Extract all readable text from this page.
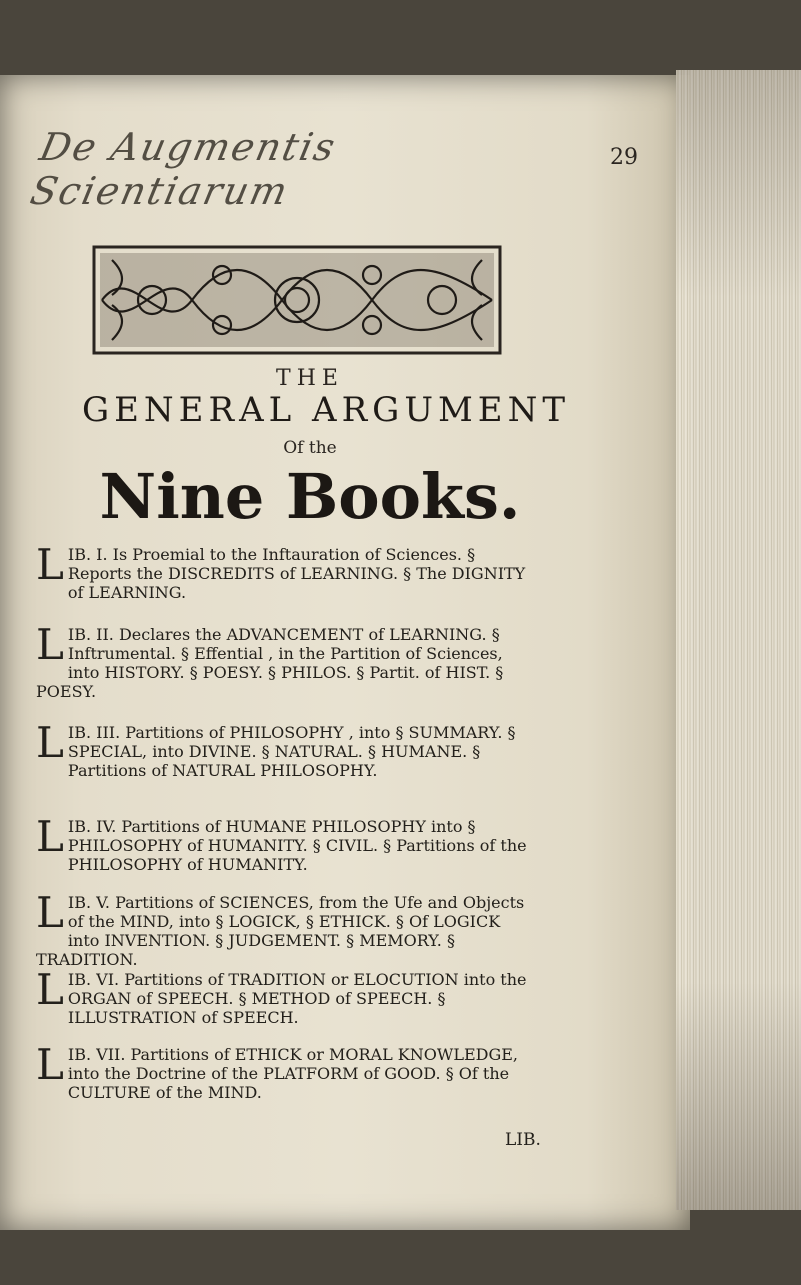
De Augmentis Scientiarum
29
THE
GENERAL ARGUMENT
Of the
Nine Books.
LIB. I. Is Proemial to the Inftauration of Sciences. § Reports the DISCREDITS of LEARNING. § The DIGNITY of LEARNING.
LIB. II. Declares the ADVANCEMENT of LEARNING. § Inftrumental. § Effential , in the Partition of Sciences, into HISTORY. § POESY. § PHILOS. § Partit. of HIST. § POESY.
LIB. III. Partitions of PHILOSOPHY , into § SUMMARY. § SPECIAL, into DIVINE. § NATURAL. § HUMANE. § Partitions of NATURAL PHILOSOPHY.
LIB. IV. Partitions of HUMANE PHILOSOPHY into § PHILOSOPHY of HUMANITY. § CIVIL. § Partitions of the PHILOSOPHY of HUMANITY.
LIB. V. Partitions of SCIENCES, from the Ufe and Objects of the MIND, into § LOGICK, § ETHICK. § Of LOGICK into INVENTION. § JUDGEMENT. § MEMORY. § TRADITION.
LIB. VI. Partitions of TRADITION or ELOCUTION into the ORGAN of SPEECH. § METHOD of SPEECH. § ILLUSTRATION of SPEECH.
LIB. VII. Partitions of ETHICK or MORAL KNOWLEDGE, into the Doctrine of the PLATFORM of GOOD. § Of the CULTURE of the MIND.
LIB.
